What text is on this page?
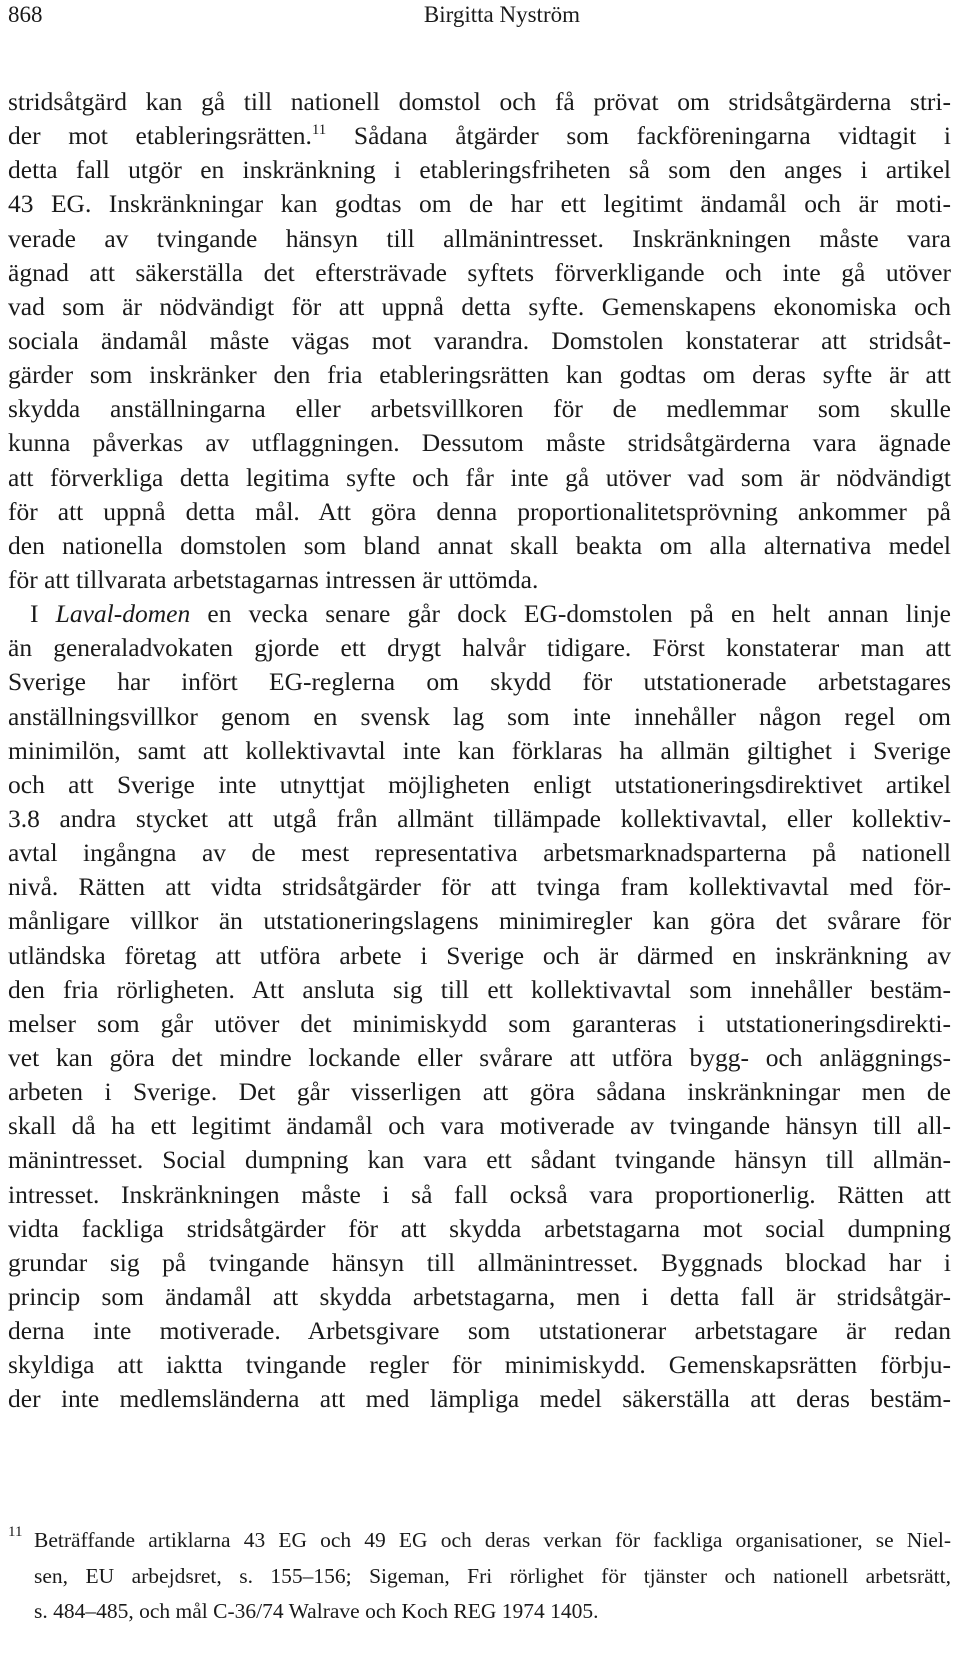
868	Birgitta Nyström
stridsåtgärd kan gå till nationell domstol och få prövat om stridsåtgärderna stri-
der mot etableringsrätten.$^{11}$ Sådana åtgärder som fackföreningarna vidtagit i
detta fall utgör en inskränkning i etableringsfriheten så som den anges i artikel
43 EG. Inskränkningar kan godtas om de har ett legitimt ändamål och är moti-
verade av tvingande hänsyn till allmänintresset. Inskränkningen måste vara
ägnad att säkerställa det eftersträvade syftets förverkligande och inte gå utöver
vad som är nödvändigt för att uppnå detta syfte. Gemenskapens ekonomiska och
sociala ändamål måste vägas mot varandra. Domstolen konstaterar att stridsåt-
gärder som inskränker den fria etableringsrätten kan godtas om deras syfte är att
skydda anställningarna eller arbetsvillkoren för de medlemmar som skulle
kunna påverkas av utflaggningen. Dessutom måste stridsåtgärderna vara ägnade
att förverkliga detta legitima syfte och får inte gå utöver vad som är nödvändigt
för att uppnå detta mål. Att göra denna proportionalitetsprövning ankommer på
den nationella domstolen som bland annat skall beakta om alla alternativa medel
för att tillvarata arbetstagarnas intressen är uttömda.
I Laval-domen en vecka senare går dock EG-domstolen på en helt annan linje
än generaladvokaten gjorde ett drygt halvår tidigare. Först konstaterar man att
Sverige har infört EG-reglerna om skydd för utstationerade arbetstagares
anställningsvillkor genom en svensk lag som inte innehåller någon regel om
minimilön, samt att kollektivavtal inte kan förklaras ha allmän giltighet i Sverige
och att Sverige inte utnyttjat möjligheten enligt utstationeringsdirektivet artikel
3.8 andra stycket att utgå från allmänt tillämpade kollektivavtal, eller kollektiv-
avtal ingångna av de mest representativa arbetsmarknadsparterna på nationell
nivå. Rätten att vidta stridsåtgärder för att tvinga fram kollektivavtal med för-
månligare villkor än utstationeringslagens minimiregler kan göra det svårare för
utländska företag att utföra arbete i Sverige och är därmed en inskränkning av
den fria rörligheten. Att ansluta sig till ett kollektivavtal som innehåller bestäm-
melser som går utöver det minimiskydd som garanteras i utstationeringsdirekti-
vet kan göra det mindre lockande eller svårare att utföra bygg- och anläggnings-
arbeten i Sverige. Det går visserligen att göra sådana inskränkningar men de
skall då ha ett legitimt ändamål och vara motiverade av tvingande hänsyn till all-
mänintresset. Social dumpning kan vara ett sådant tvingande hänsyn till allmän-
intresset. Inskränkningen måste i så fall också vara proportionerlig. Rätten att
vidta fackliga stridsåtgärder för att skydda arbetstagarna mot social dumpning
grundar sig på tvingande hänsyn till allmänintresset. Byggnads blockad har i
princip som ändamål att skydda arbetstagarna, men i detta fall är stridsåtgär-
derna inte motiverade. Arbetsgivare som utstationerar arbetstagare är redan
skyldiga att iaktta tvingande regler för minimiskydd. Gemenskapsrätten förbju-
der inte medlemsländerna att med lämpliga medel säkerställa att deras bestäm-
11 Beträffande artiklarna 43 EG och 49 EG och deras verkan för fackliga organisationer, se Niel-
sen, EU arbejdsret, s. 155–156; Sigeman, Fri rörlighet för tjänster och nationell arbetsrätt,
s. 484–485, och mål C-36/74 Walrave och Koch REG 1974 1405.
